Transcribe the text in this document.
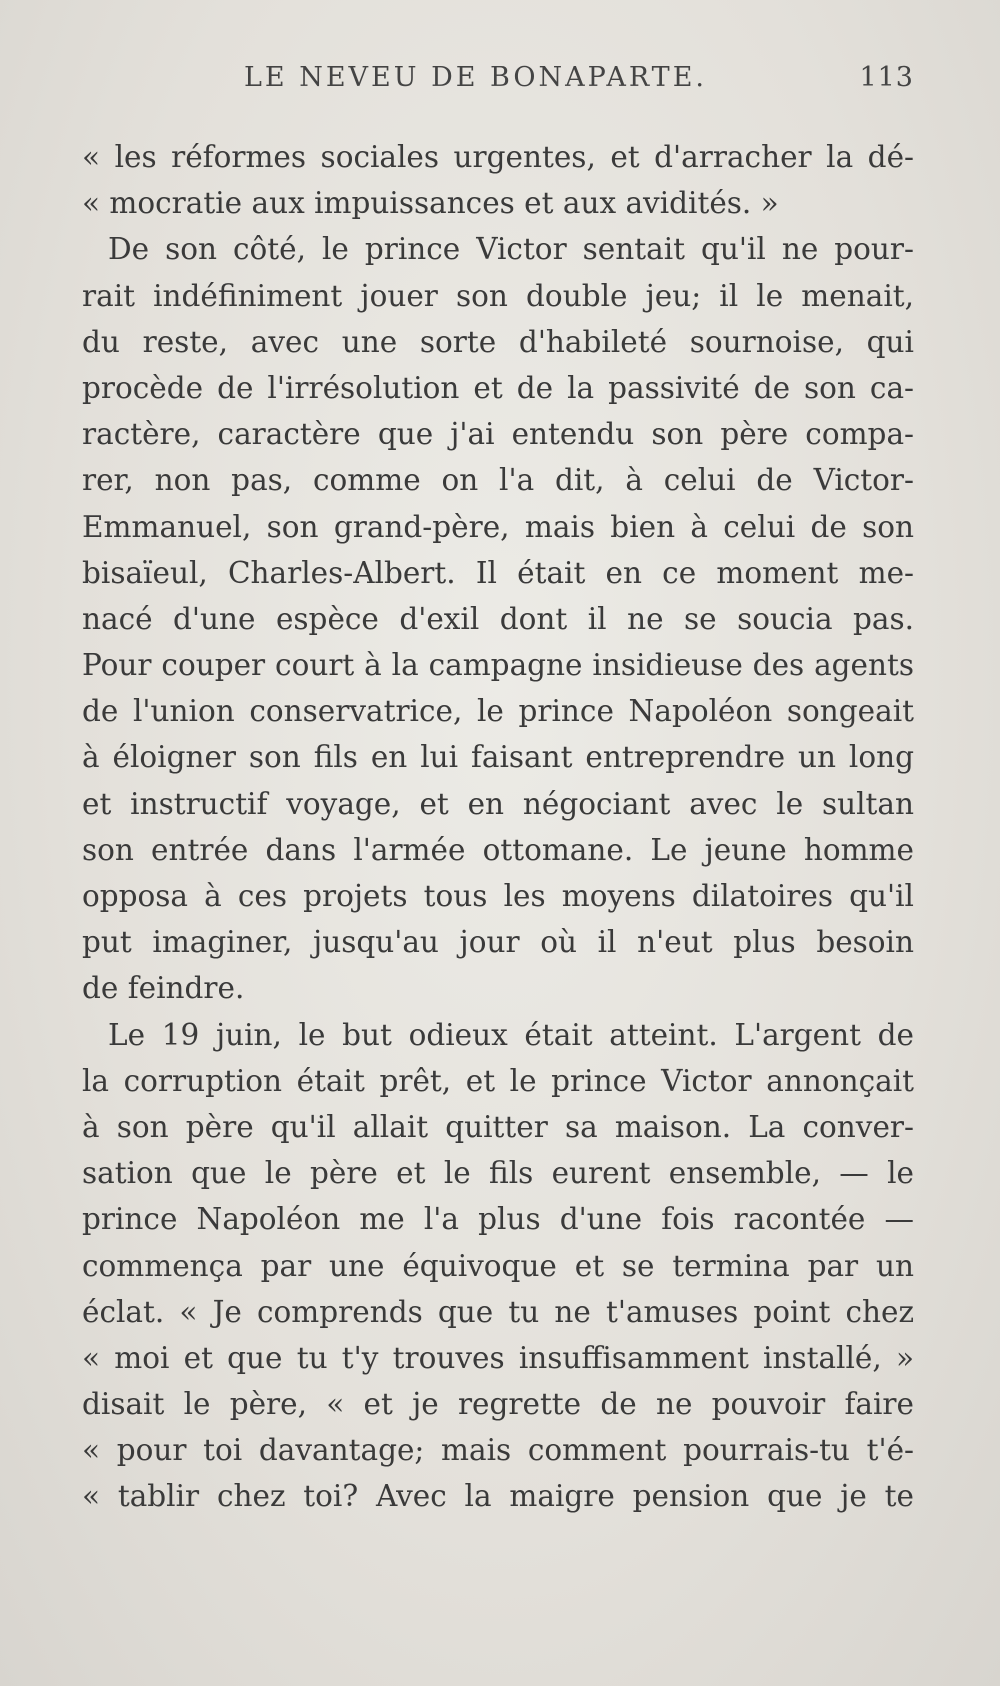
LE NEVEU DE BONAPARTE.	113
« les réformes sociales urgentes, et d'arracher la dé-
« mocratie aux impuissances et aux avidités. »
De son côté, le prince Victor sentait qu'il ne pour-
rait indéfiniment jouer son double jeu; il le menait,
du reste, avec une sorte d'habileté sournoise, qui
procède de l'irrésolution et de la passivité de son ca-
ractère, caractère que j'ai entendu son père compa-
rer, non pas, comme on l'a dit, à celui de Victor-
Emmanuel, son grand-père, mais bien à celui de son
bisaïeul, Charles-Albert. Il était en ce moment me-
nacé d'une espèce d'exil dont il ne se soucia pas.
Pour couper court à la campagne insidieuse des agents
de l'union conservatrice, le prince Napoléon songeait
à éloigner son fils en lui faisant entreprendre un long
et instructif voyage, et en négociant avec le sultan
son entrée dans l'armée ottomane. Le jeune homme
opposa à ces projets tous les moyens dilatoires qu'il
put imaginer, jusqu'au jour où il n'eut plus besoin
de feindre.
Le 19 juin, le but odieux était atteint. L'argent de
la corruption était prêt, et le prince Victor annonçait
à son père qu'il allait quitter sa maison. La conver-
sation que le père et le fils eurent ensemble, — le
prince Napoléon me l'a plus d'une fois racontée —
commença par une équivoque et se termina par un
éclat. « Je comprends que tu ne t'amuses point chez
« moi et que tu t'y trouves insuffisamment installé, »
disait le père, « et je regrette de ne pouvoir faire
« pour toi davantage; mais comment pourrais-tu t'é-
« tablir chez toi? Avec la maigre pension que je te
